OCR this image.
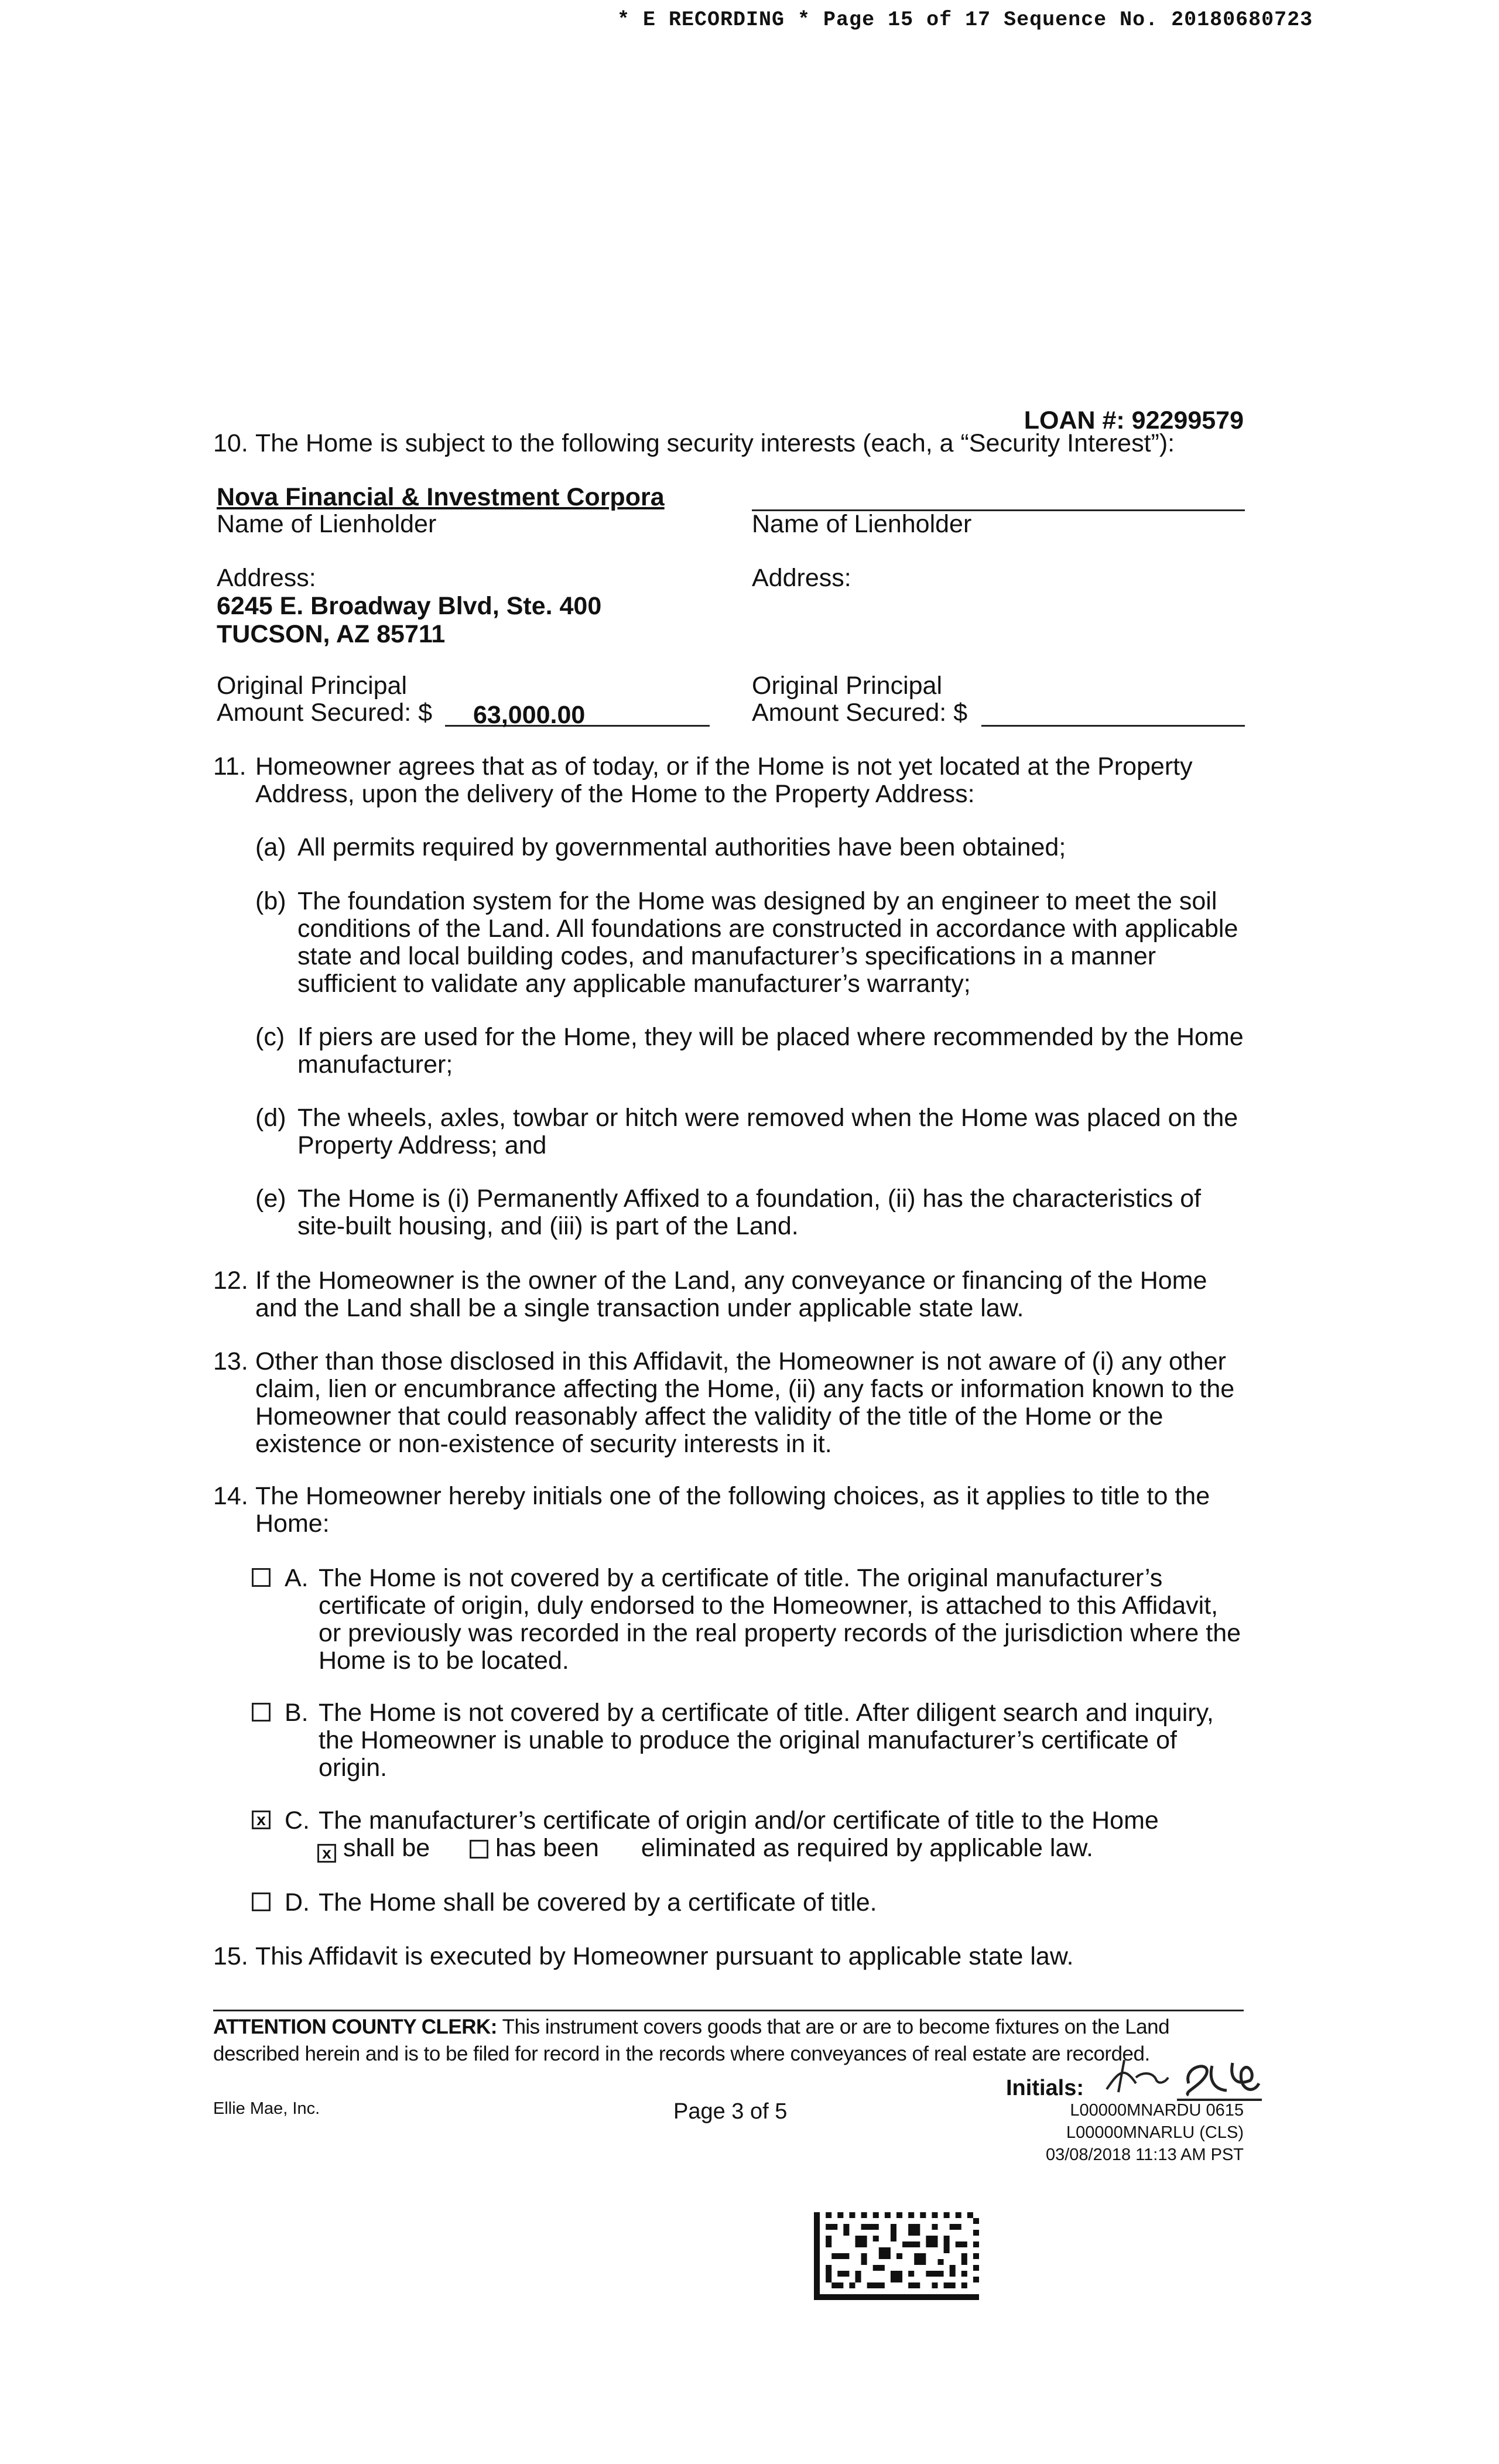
* E RECORDING * Page 15 of 17 Sequence No. 20180680723
LOAN #: 92299579
10. The Home is subject to the following security interests (each, a “Security Interest”):
Nova Financial & Investment Corpora
Name of Lienholder
Address:
6245 E. Broadway Blvd, Ste. 400
TUCSON, AZ 85711
Original Principal
Amount Secured: $ 63,000.00
Name of Lienholder
Address:
Original Principal
Amount Secured: $
11. Homeowner agrees that as of today, or if the Home is not yet located at the Property Address, upon the delivery of the Home to the Property Address:
(a) All permits required by governmental authorities have been obtained;
(b) The foundation system for the Home was designed by an engineer to meet the soil conditions of the Land. All foundations are constructed in accordance with applicable state and local building codes, and manufacturer’s specifications in a manner sufficient to validate any applicable manufacturer’s warranty;
(c) If piers are used for the Home, they will be placed where recommended by the Home manufacturer;
(d) The wheels, axles, towbar or hitch were removed when the Home was placed on the Property Address; and
(e) The Home is (i) Permanently Affixed to a foundation, (ii) has the characteristics of site-built housing, and (iii) is part of the Land.
12. If the Homeowner is the owner of the Land, any conveyance or financing of the Home and the Land shall be a single transaction under applicable state law.
13. Other than those disclosed in this Affidavit, the Homeowner is not aware of (i) any other claim, lien or encumbrance affecting the Home, (ii) any facts or information known to the Homeowner that could reasonably affect the validity of the title of the Home or the existence or non-existence of security interests in it.
14. The Homeowner hereby initials one of the following choices, as it applies to title to the Home:
A. The Home is not covered by a certificate of title. The original manufacturer’s certificate of origin, duly endorsed to the Homeowner, is attached to this Affidavit, or previously was recorded in the real property records of the jurisdiction where the Home is to be located.
B. The Home is not covered by a certificate of title. After diligent search and inquiry, the Homeowner is unable to produce the original manufacturer’s certificate of origin.
x C. The manufacturer’s certificate of origin and/or certificate of title to the Home
x shall be	has been eliminated as required by applicable law.
D. The Home shall be covered by a certificate of title.
15. This Affidavit is executed by Homeowner pursuant to applicable state law.
ATTENTION COUNTY CLERK: This instrument covers goods that are or are to become fixtures on the Land described herein and is to be filed for record in the records where conveyances of real estate are recorded.
Ellie Mae, Inc.	Page 3 of 5
Initials:
L00000MNARDU 0615
L00000MNARLU (CLS)
03/08/2018 11:13 AM PST
